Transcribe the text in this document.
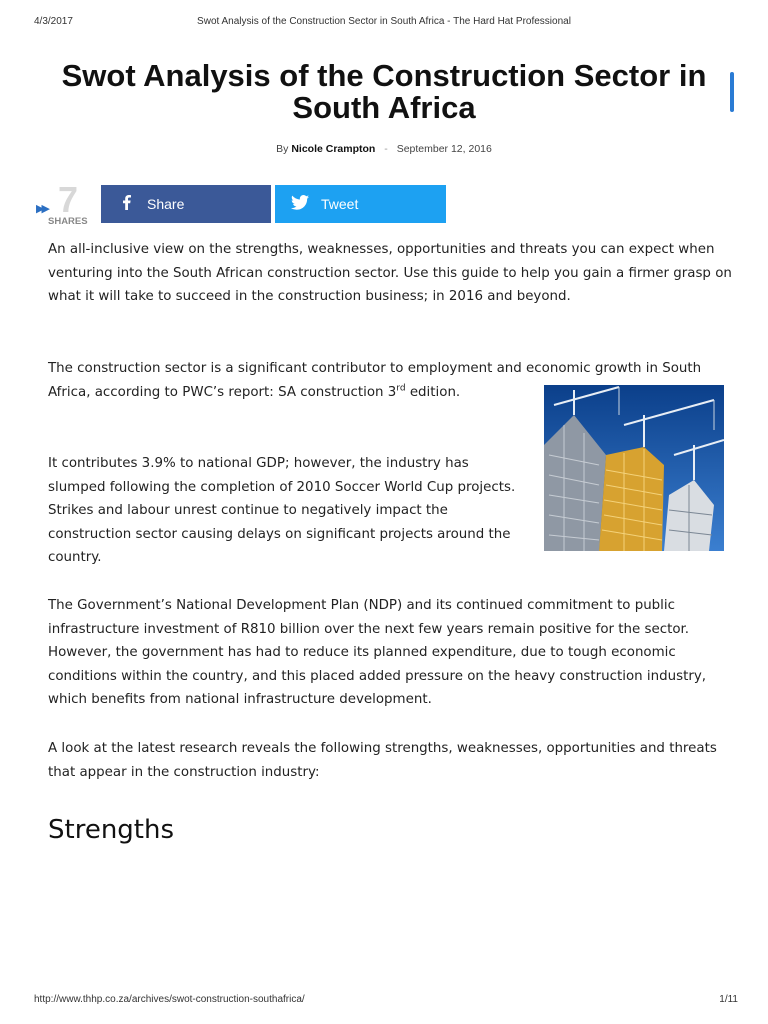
4/3/2017	Swot Analysis of the Construction Sector in South Africa - The Hard Hat Professional
Swot Analysis of the Construction Sector in South Africa
By Nicole Crampton - September 12, 2016
▶▶ 7
SHARES
Share	Tweet

An all-inclusive view on the strengths, weaknesses, opportunities and threats you can expect when venturing into the South African construction sector. Use this guide to help you gain a firmer grasp on what it will take to succeed in the construction business; in 2016 and beyond.

The construction sector is a significant contributor to employment and economic growth in South Africa, according to PWC’s report: SA construction 3rd edition.

It contributes 3.9% to national GDP; however, the industry has slumped following the completion of 2010 Soccer World Cup projects. Strikes and labour unrest continue to negatively impact the construction sector causing delays on significant projects around the country.

The Government’s National Development Plan (NDP) and its continued commitment to public infrastructure investment of R810 billion over the next few years remain positive for the sector. However, the government has had to reduce its planned expenditure, due to tough economic conditions within the country, and this placed added pressure on the heavy construction industry, which benefits from national infrastructure development.

A look at the latest research reveals the following strengths, weaknesses, opportunities and threats that appear in the construction industry:

Strengths
http://www.thhp.co.za/archives/swot-construction-southafrica/	1/11
